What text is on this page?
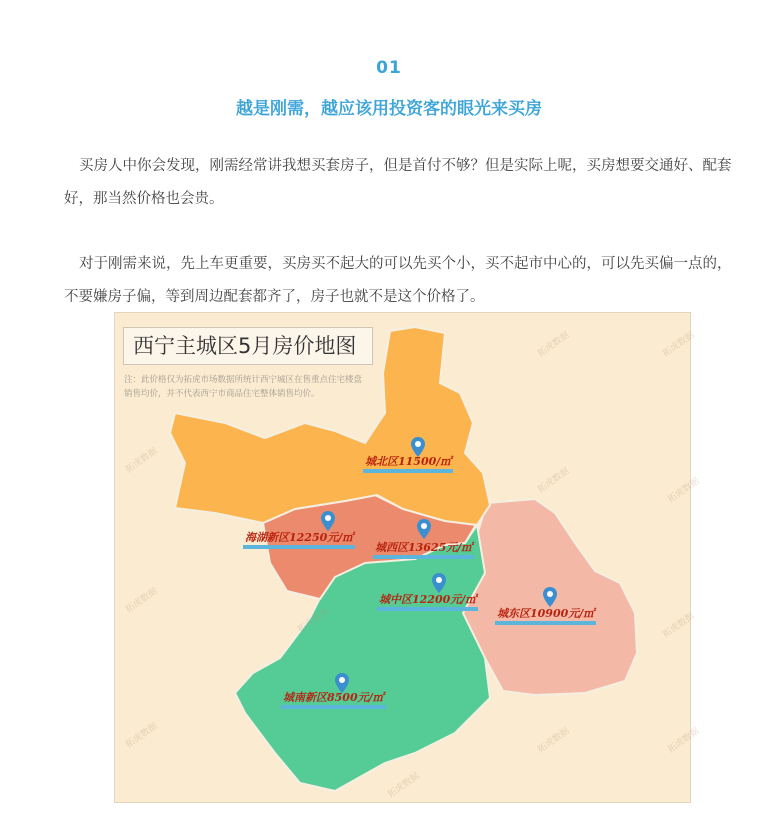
01
越是刚需，越应该用投资客的眼光来买房

买房人中你会发现，刚需经常讲我想买套房子，但是首付不够？但是实际上呢，买房想要交通好、配套好，那当然价格也会贵。

对于刚需来说，先上车更重要，买房买不起大的可以先买个小，买不起市中心的，可以先买偏一点的，不要嫌房子偏，等到周边配套都齐了，房子也就不是这个价格了。

西宁主城区5月房价地图
注：此价格仅为拓虎市场数据所统计西宁城区在售重点住宅楼盘销售均价，并不代表西宁市商品住宅整体销售均价。
拓虎数据	拓虎数据
拓虎数据
拓虎数据	拓虎数据
拓虎数据
拓虎数据	拓虎数据
拓虎数据
拓虎数据
拓虎数据	拓虎数据
城北区11500/㎡
海湖新区12250元/㎡
城西区13625元/㎡
城中区12200元/㎡
城东区10900元/㎡
城南新区8500元/㎡
